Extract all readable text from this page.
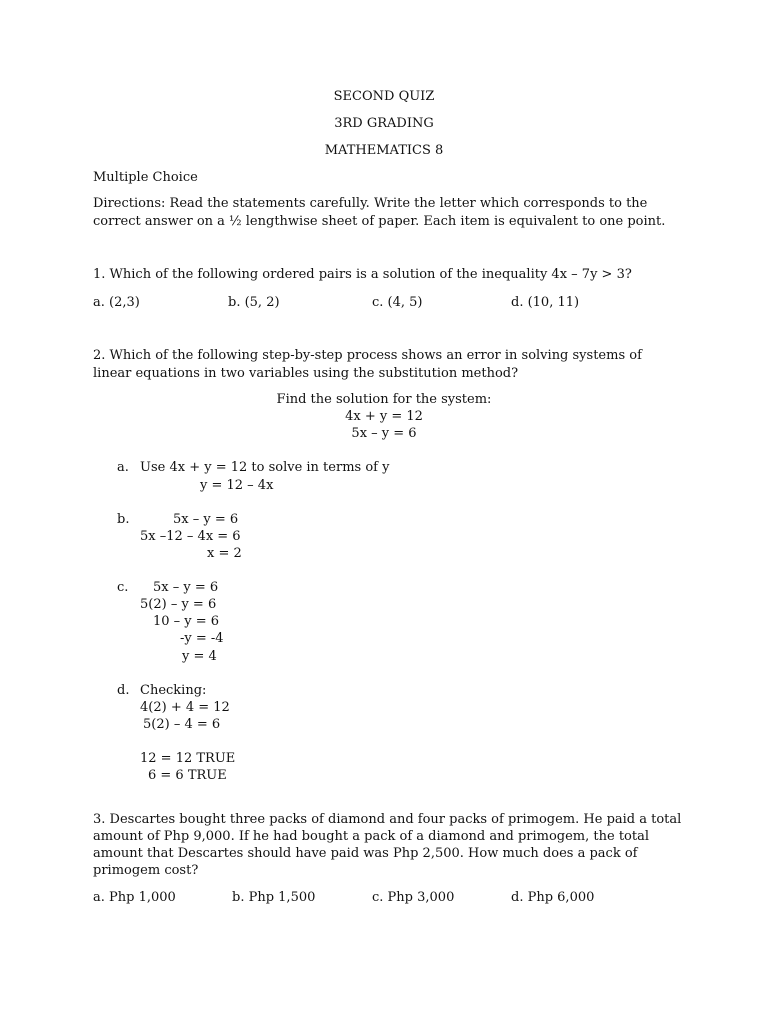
SECOND QUIZ
3RD GRADING
MATHEMATICS 8
Multiple Choice
Directions: Read the statements carefully. Write the letter which corresponds to the
correct answer on a ½ lengthwise sheet of paper. Each item is equivalent to one point.
1. Which of the following ordered pairs is a solution of the inequality 4x – 7y > 3?
a. (2,3)	b. (5, 2)	c. (4, 5)	d. (10, 11)
2. Which of the following step-by-step process shows an error in solving systems of
linear equations in two variables using the substitution method?
Find the solution for the system:
4x + y = 12
5x – y = 6
a. Use 4x + y = 12 to solve in terms of y
y = 12 – 4x
b.	5x – y = 6
5x –12 – 4x = 6
x = 2
c. 5x – y = 6
5(2) – y = 6
10 – y = 6
-y = -4
y = 4
d. Checking:
4(2) + 4 = 12
5(2) – 4 = 6
12 = 12 TRUE
6 = 6 TRUE
3. Descartes bought three packs of diamond and four packs of primogem. He paid a total
amount of Php 9,000. If he had bought a pack of a diamond and primogem, the total
amount that Descartes should have paid was Php 2,500. How much does a pack of
primogem cost?
a. Php 1,000	b. Php 1,500	c. Php 3,000	d. Php 6,000
